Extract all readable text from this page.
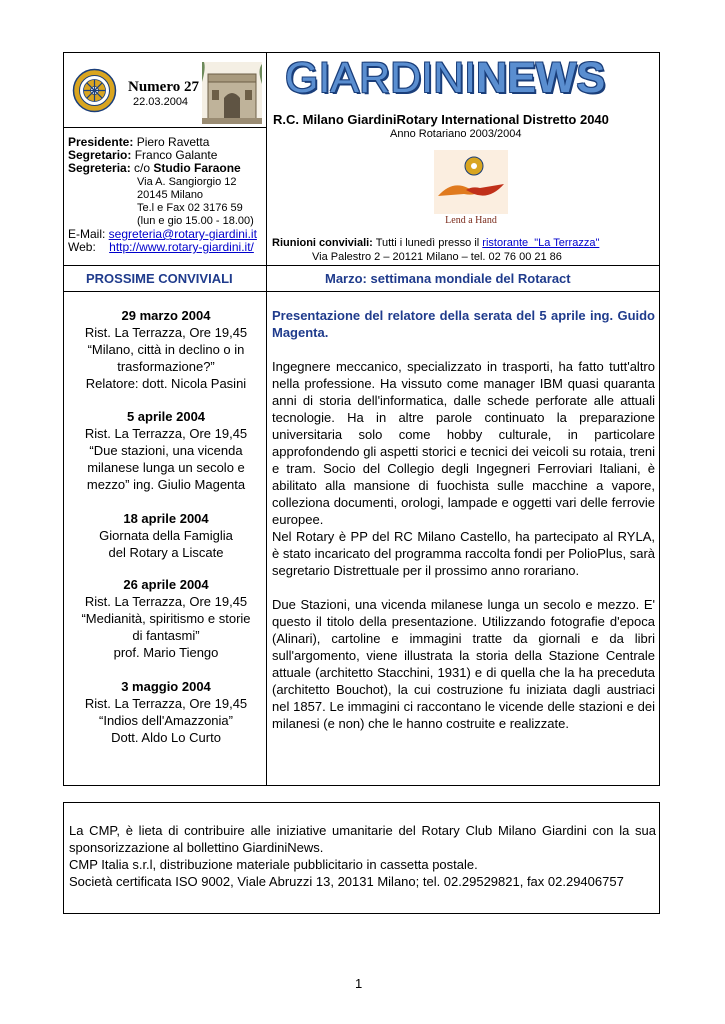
Numero 27
22.03.2004
Presidente: Piero Ravetta
Segretario: Franco Galante
Segreteria: c/o Studio Faraone
Via A. Sangiorgio 12
20145 Milano
Te.l e Fax 02 3176 59
(lun e gio 15.00 - 18.00)
E-Mail: segreteria@rotary-giardini.it
Web:    http://www.rotary-giardini.it/
GIARDININEWS
R.C. Milano GiardiniRotary International Distretto 2040
Anno Rotariano 2003/2004
Lend a Hand
Riunioni conviviali: Tutti i lunedì presso il ristorante  "La Terrazza"
Via Palestro 2 – 20121 Milano – tel. 02 76 00 21 86
PROSSIME CONVIVIALI	Marzo: settimana mondiale del Rotaract
29 marzo 2004
Rist. La Terrazza, Ore 19,45
“Milano, città in declino o in
trasformazione?”
Relatore: dott. Nicola Pasini
5 aprile 2004
Rist. La Terrazza, Ore 19,45
“Due stazioni, una vicenda
milanese lunga un secolo e
mezzo” ing. Giulio Magenta
18 aprile 2004
Giornata della Famiglia
del Rotary a Liscate
26 aprile 2004
Rist. La Terrazza, Ore 19,45
“Medianità, spiritismo e storie
di fantasmi”
prof. Mario Tiengo
3 maggio 2004
Rist. La Terrazza, Ore 19,45
“Indios dell'Amazzonia”
Dott. Aldo Lo Curto
Presentazione del relatore della serata del 5 aprile ing. Guido Magenta.
Ingegnere meccanico, specializzato in trasporti, ha fatto tutt'altro nella professione. Ha vissuto come manager IBM quasi quaranta anni di storia dell'informatica, dalle schede perforate alle attuali tecnologie. Ha in altre parole continuato la preparazione universitaria solo come hobby culturale, in particolare approfondendo gli aspetti storici e tecnici dei veicoli su rotaia, treni e tram. Socio del Collegio degli Ingegneri Ferroviari Italiani, è abilitato alla mansione di fuochista sulle macchine a vapore, colleziona documenti, orologi, lampade e oggetti vari delle ferrovie europee.
Nel Rotary è PP del RC Milano Castello, ha partecipato al RYLA, è stato incaricato del programma raccolta fondi per PolioPlus, sarà segretario Distrettuale per il prossimo anno rorariano.
Due Stazioni, una vicenda milanese lunga un secolo e mezzo. E' questo il titolo della presentazione. Utilizzando fotografie d'epoca (Alinari), cartoline e immagini tratte da giornali e da libri sull'argomento, viene illustrata la storia della Stazione Centrale attuale (architetto Stacchini, 1931) e di quella che la ha preceduta (architetto Bouchot), la cui costruzione fu iniziata dagli austriaci nel 1857. Le immagini ci raccontano le vicende delle stazioni e dei milanesi (e non) che le hanno costruite e realizzate.
La CMP, è lieta di contribuire alle iniziative umanitarie del Rotary Club Milano Giardini con la sua sponsorizzazione al bollettino GiardiniNews.
CMP Italia s.r.l, distribuzione materiale pubblicitario in cassetta postale.
Società certificata ISO 9002, Viale Abruzzi 13, 20131 Milano; tel. 02.29529821, fax 02.29406757
1
